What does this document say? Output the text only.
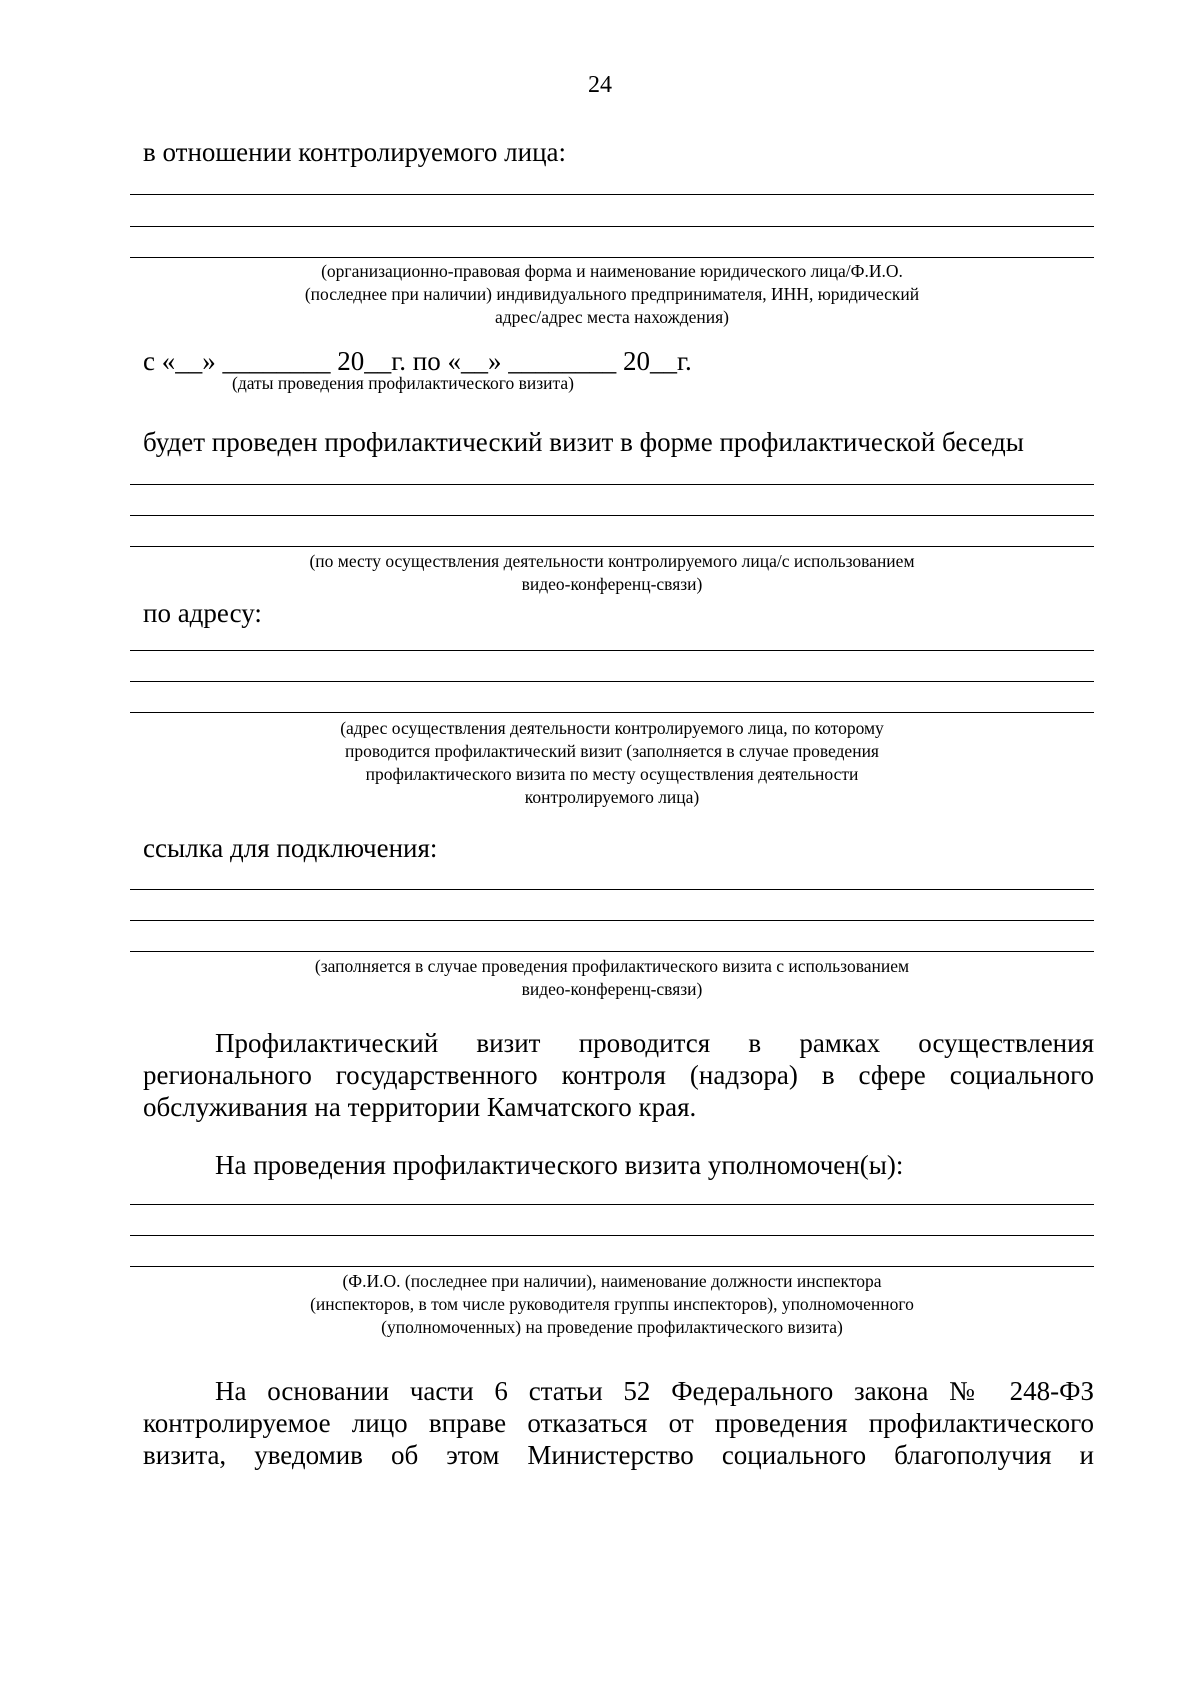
24
в отношении контролируемого лица:
(организационно-правовая форма и наименование юридического лица/Ф.И.О.
(последнее при наличии) индивидуального предпринимателя, ИНН, юридический
адрес/адрес места нахождения)
с «__» ________ 20__г. по «__» ________ 20__г.
(даты проведения профилактического визита)
будет проведен профилактический визит в форме профилактической беседы
(по месту осуществления деятельности контролируемого лица/с использованием
видео-конференц-связи)
по адресу:
(адрес осуществления деятельности контролируемого лица, по которому
проводится профилактический визит (заполняется в случае проведения
профилактического визита по месту осуществления деятельности
контролируемого лица)
ссылка для подключения:
(заполняется в случае проведения профилактического визита с использованием
видео-конференц-связи)
Профилактический визит проводится в рамках осуществления
регионального государственного контроля (надзора) в сфере социального
обслуживания на территории Камчатского края.
На проведения профилактического визита уполномочен(ы):
(Ф.И.О. (последнее при наличии), наименование должности инспектора
(инспекторов, в том числе руководителя группы инспекторов), уполномоченного
(уполномоченных) на проведение профилактического визита)
На основании части 6 статьи 52 Федерального закона № 248-ФЗ
контролируемое лицо вправе отказаться от проведения профилактического
визита, уведомив об этом Министерство социального благополучия и
